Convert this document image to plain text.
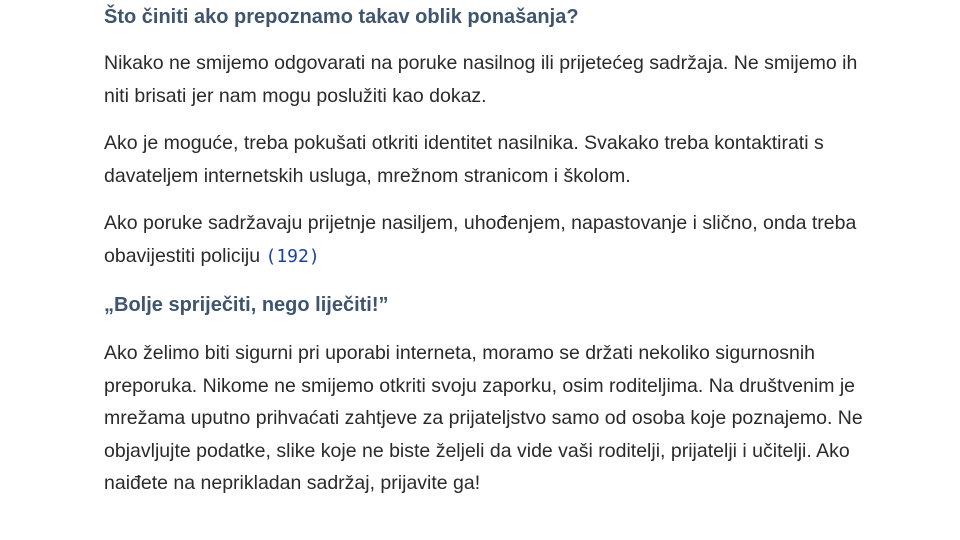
Što činiti ako prepoznamo takav oblik ponašanja?

Nikako ne smijemo odgovarati na poruke nasilnog ili prijetećeg sadržaja. Ne smijemo ih niti brisati jer nam mogu poslužiti kao dokaz.

Ako je moguće, treba pokušati otkriti identitet nasilnika. Svakako treba kontaktirati s davateljem internetskih usluga, mrežnom stranicom i školom.

Ako poruke sadržavaju prijetnje nasiljem, uhođenjem, napastovanje i slično, onda treba obavijestiti policiju (192)

„Bolje spriječiti, nego liječiti!”

Ako želimo biti sigurni pri uporabi interneta, moramo se držati nekoliko sigurnosnih preporuka. Nikome ne smijemo otkriti svoju zaporku, osim roditeljima. Na društvenim je mrežama uputno prihvaćati zahtjeve za prijateljstvo samo od osoba koje poznajemo. Ne objavljujte podatke, slike koje ne biste željeli da vide vaši roditelji, prijatelji i učitelji. Ako naiđete na neprikladan sadržaj, prijavite ga!
